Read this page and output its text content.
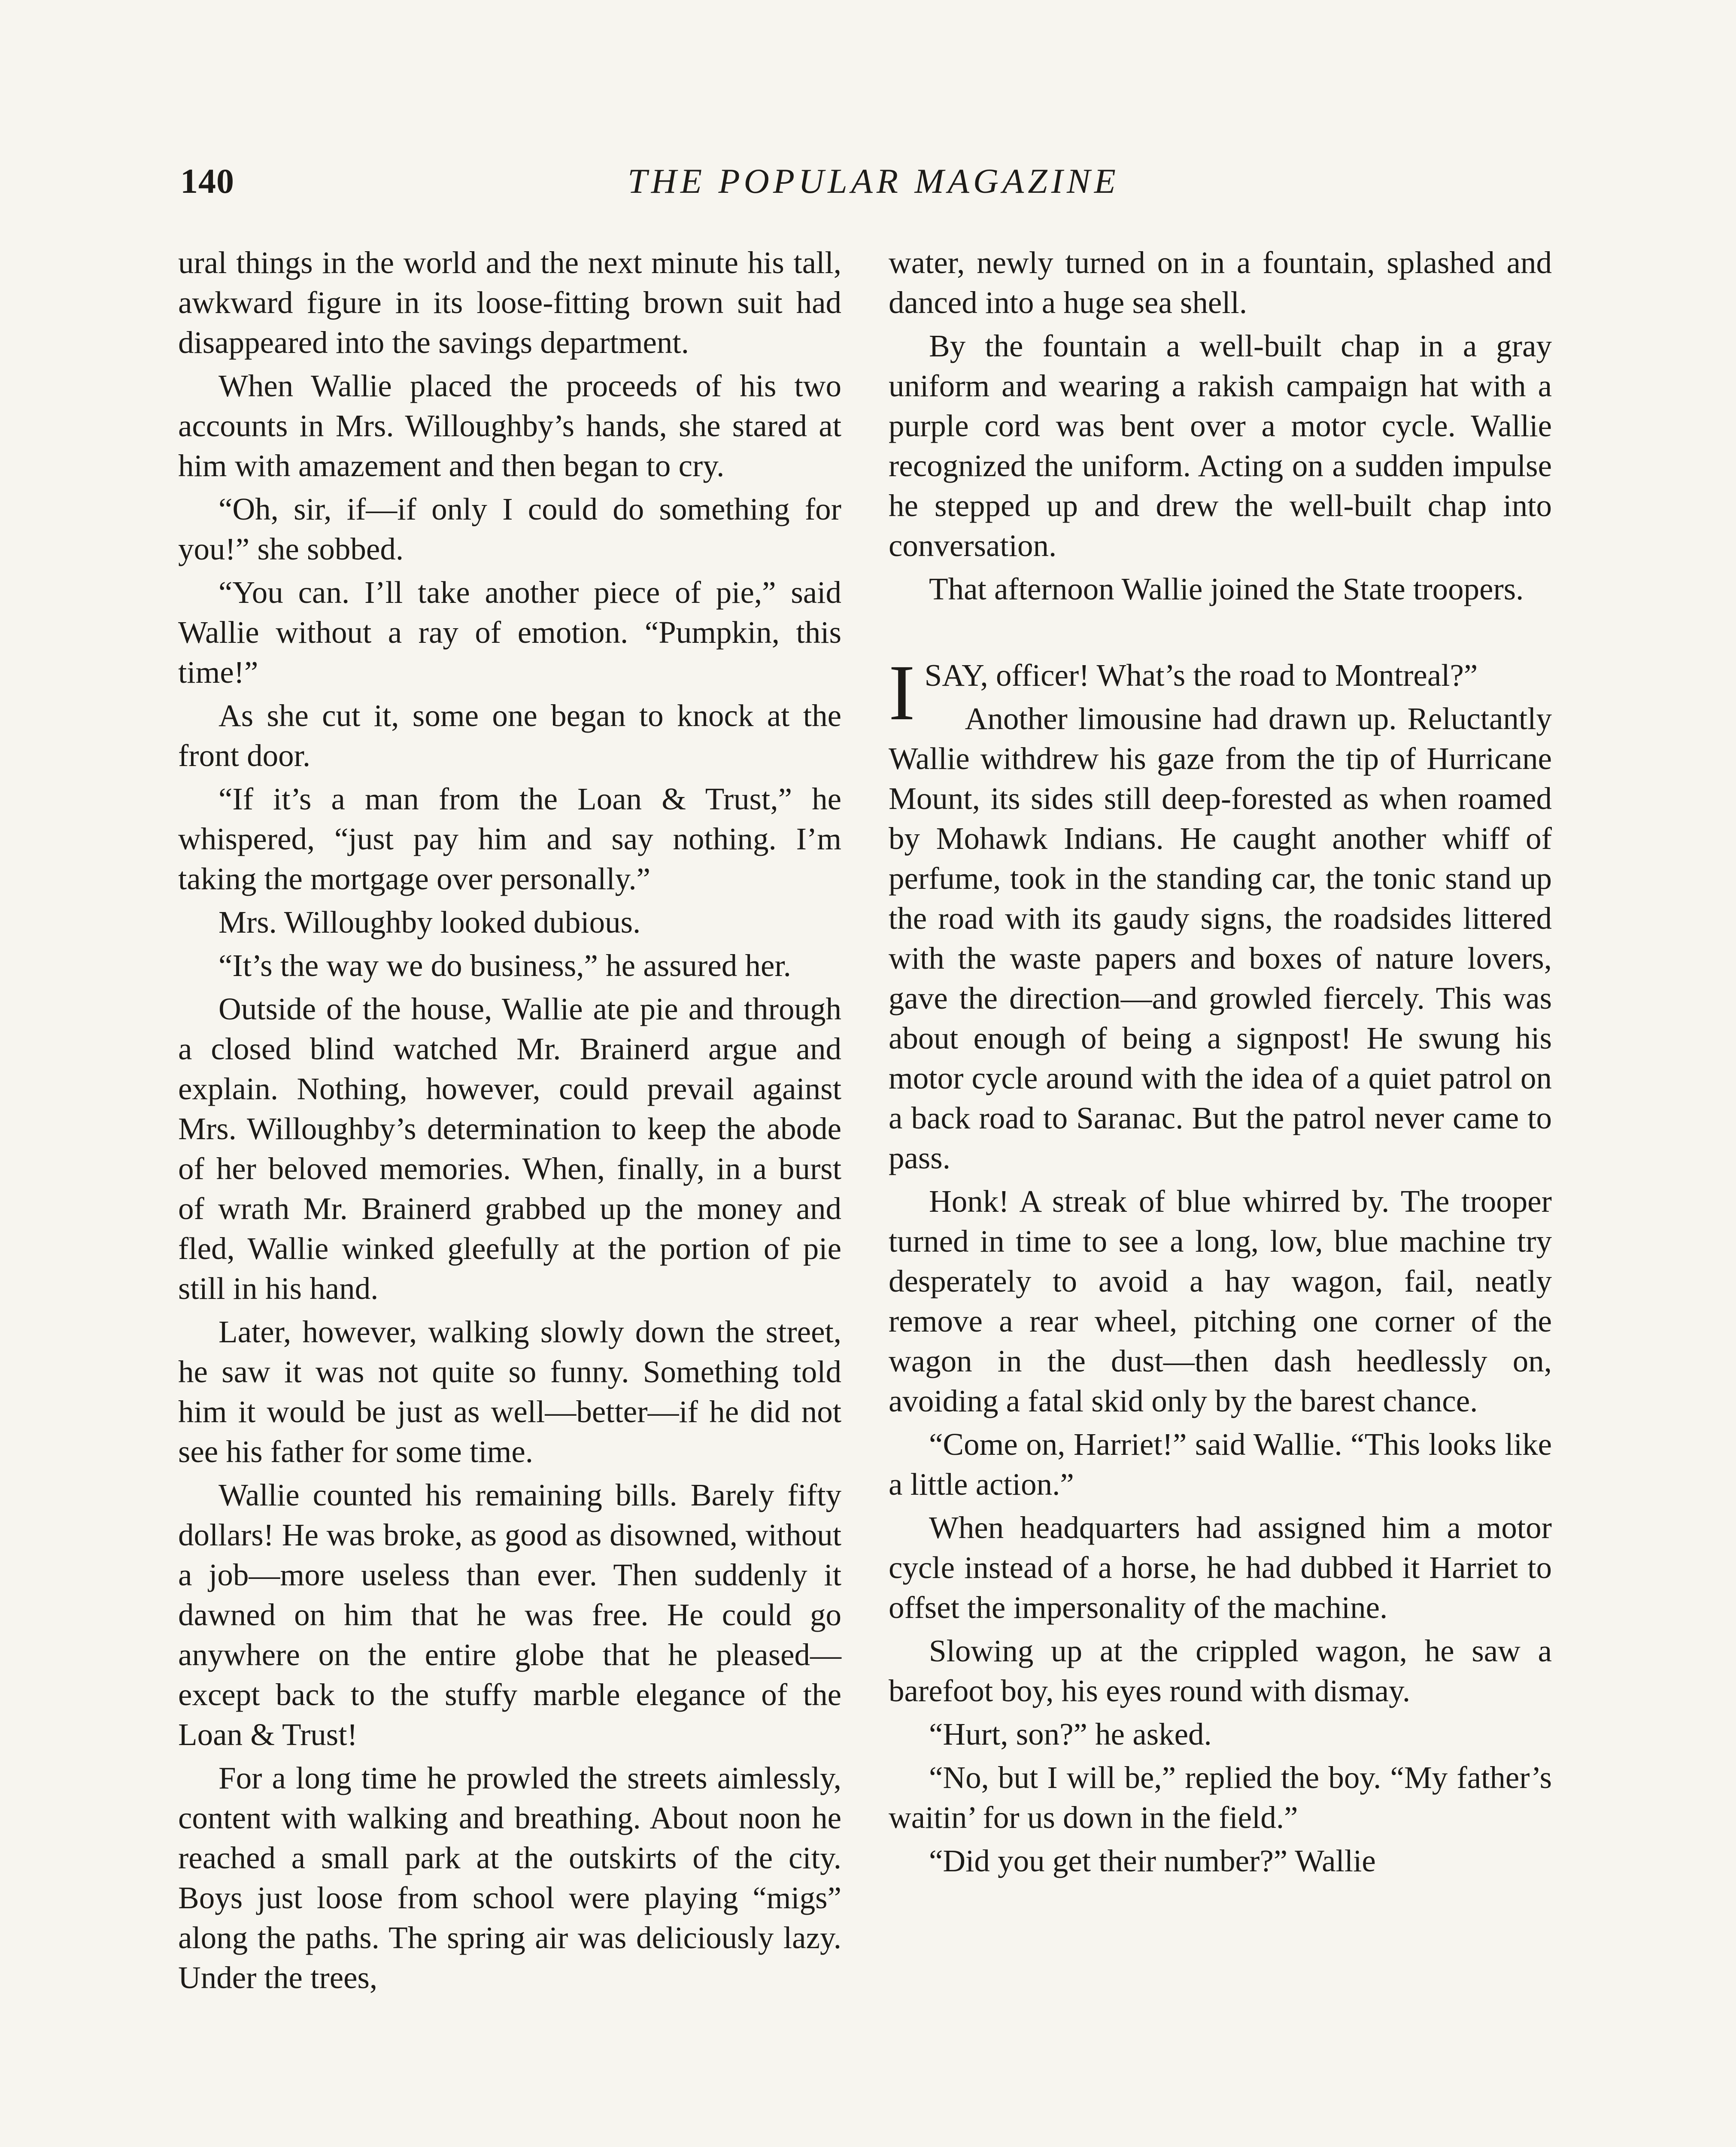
140	THE POPULAR MAGAZINE

ural things in the world and the next minute his tall, awkward figure in its loose-fitting brown suit had disappeared into the savings department.

When Wallie placed the proceeds of his two accounts in Mrs. Willoughby’s hands, she stared at him with amazement and then began to cry.

“Oh, sir, if—if only I could do something for you!” she sobbed.

“You can. I’ll take another piece of pie,” said Wallie without a ray of emotion. “Pumpkin, this time!”

As she cut it, some one began to knock at the front door.

“If it’s a man from the Loan & Trust,” he whispered, “just pay him and say nothing. I’m taking the mortgage over personally.”

Mrs. Willoughby looked dubious.

“It’s the way we do business,” he assured her.

Outside of the house, Wallie ate pie and through a closed blind watched Mr. Brainerd argue and explain. Nothing, however, could prevail against Mrs. Willoughby’s determination to keep the abode of her beloved memories. When, finally, in a burst of wrath Mr. Brainerd grabbed up the money and fled, Wallie winked gleefully at the portion of pie still in his hand.

Later, however, walking slowly down the street, he saw it was not quite so funny. Something told him it would be just as well—better—if he did not see his father for some time.

Wallie counted his remaining bills. Barely fifty dollars! He was broke, as good as disowned, without a job—more useless than ever. Then suddenly it dawned on him that he was free. He could go anywhere on the entire globe that he pleased—except back to the stuffy marble elegance of the Loan & Trust!

For a long time he prowled the streets aimlessly, content with walking and breathing. About noon he reached a small park at the outskirts of the city. Boys just loose from school were playing “migs” along the paths. The spring air was deliciously lazy. Under the trees,

water, newly turned on in a fountain, splashed and danced into a huge sea shell.

By the fountain a well-built chap in a gray uniform and wearing a rakish campaign hat with a purple cord was bent over a motor cycle. Wallie recognized the uniform. Acting on a sudden impulse he stepped up and drew the well-built chap into conversation.

That afternoon Wallie joined the State troopers.

ISAY, officer! What’s the road to Montreal?”

Another limousine had drawn up. Reluctantly Wallie withdrew his gaze from the tip of Hurricane Mount, its sides still deep-forested as when roamed by Mohawk Indians. He caught another whiff of perfume, took in the standing car, the tonic stand up the road with its gaudy signs, the roadsides littered with the waste papers and boxes of nature lovers, gave the direction—and growled fiercely. This was about enough of being a signpost! He swung his motor cycle around with the idea of a quiet patrol on a back road to Saranac. But the patrol never came to pass.

Honk! A streak of blue whirred by. The trooper turned in time to see a long, low, blue machine try desperately to avoid a hay wagon, fail, neatly remove a rear wheel, pitching one corner of the wagon in the dust—then dash heedlessly on, avoiding a fatal skid only by the barest chance.

“Come on, Harriet!” said Wallie. “This looks like a little action.”

When headquarters had assigned him a motor cycle instead of a horse, he had dubbed it Harriet to offset the impersonality of the machine.

Slowing up at the crippled wagon, he saw a barefoot boy, his eyes round with dismay.

“Hurt, son?” he asked.

“No, but I will be,” replied the boy. “My father’s waitin’ for us down in the field.”

“Did you get their number?” Wallie
